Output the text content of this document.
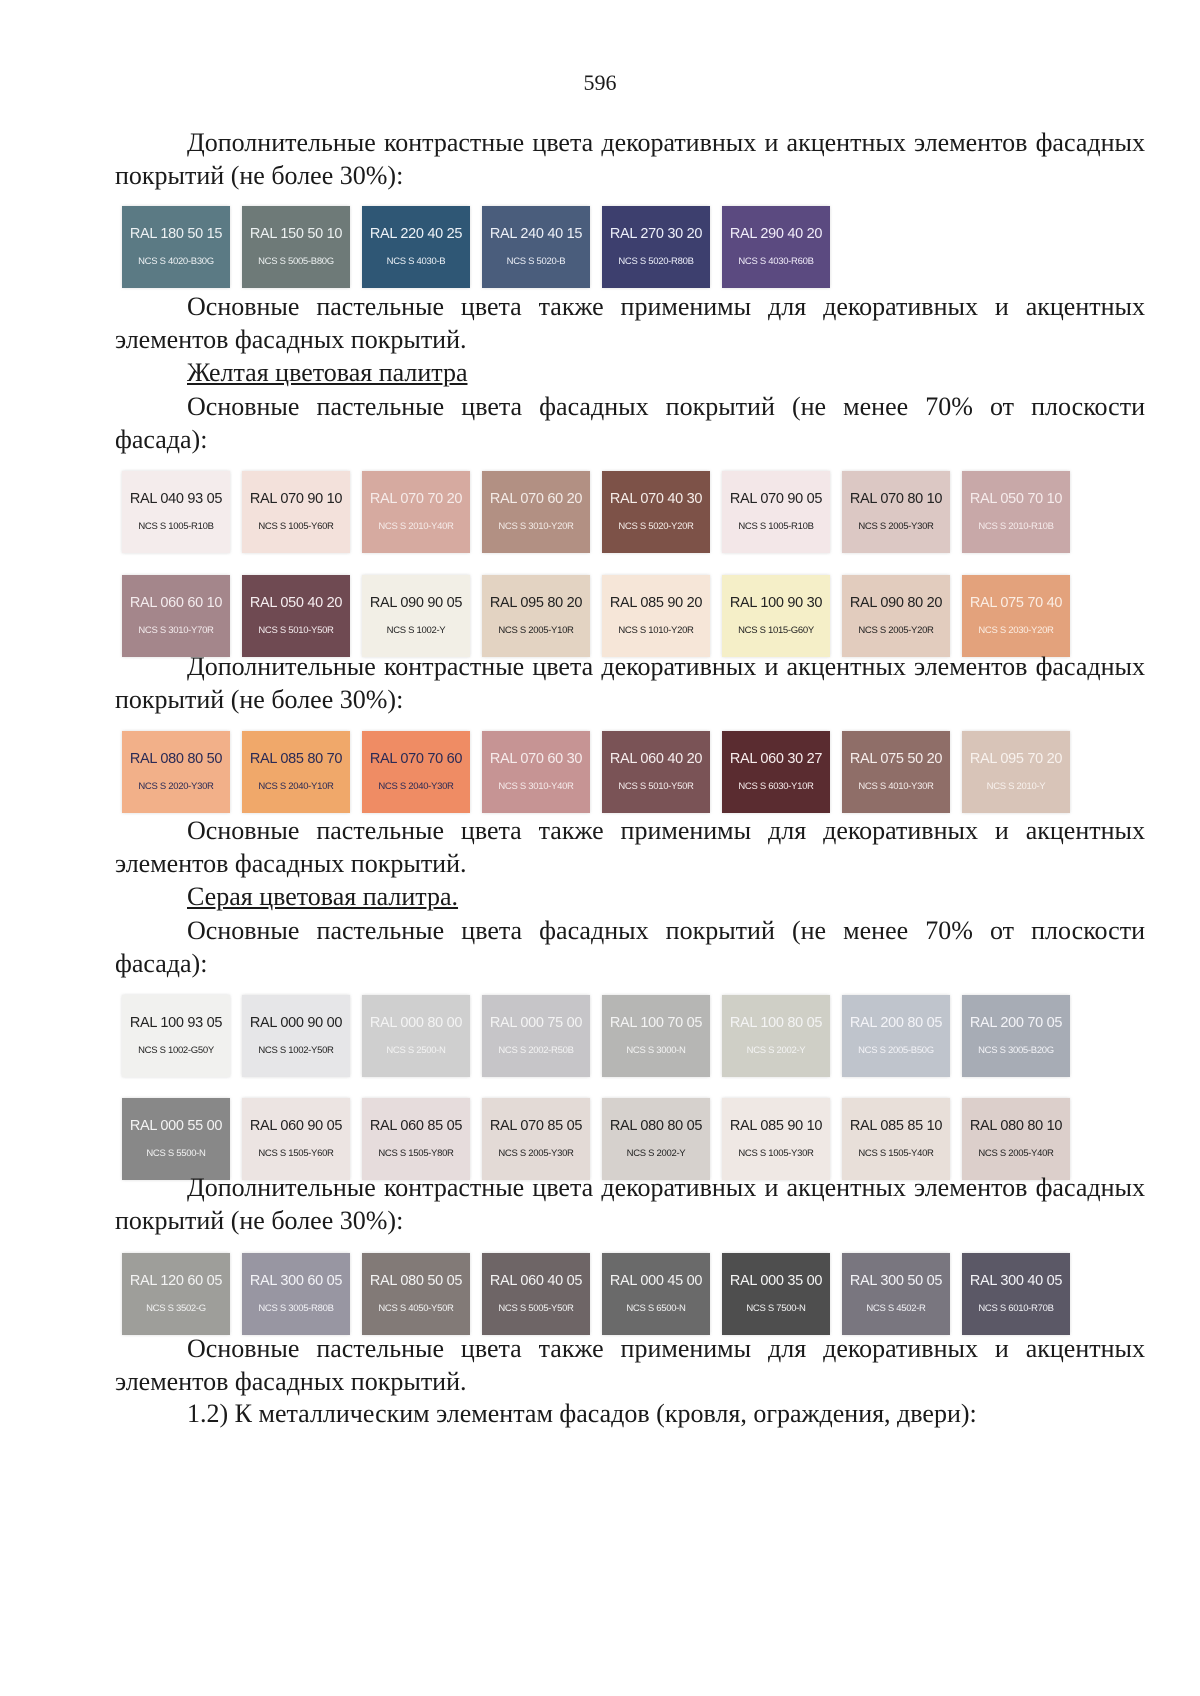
596
Дополнительные контрастные цвета декоративных и акцентных элементов фасадных покрытий (не более 30%):
RAL 180 50 15
NCS S 4020-B30G
RAL 150 50 10
NCS S 5005-B80G
RAL 220 40 25
NCS S 4030-B
RAL 240 40 15
NCS S 5020-B
RAL 270 30 20
NCS S 5020-R80B
RAL 290 40 20
NCS S 4030-R60B
Основные пастельные цвета также применимы для декоративных и акцентных элементов фасадных покрытий.
Желтая цветовая палитра
Основные пастельные цвета фасадных покрытий (не менее 70% от плоскости фасада):
RAL 040 93 05
NCS S 1005-R10B
RAL 070 90 10
NCS S 1005-Y60R
RAL 070 70 20
NCS S 2010-Y40R
RAL 070 60 20
NCS S 3010-Y20R
RAL 070 40 30
NCS S 5020-Y20R
RAL 070 90 05
NCS S 1005-R10B
RAL 070 80 10
NCS S 2005-Y30R
RAL 050 70 10
NCS S 2010-R10B
RAL 060 60 10
NCS S 3010-Y70R
RAL 050 40 20
NCS S 5010-Y50R
RAL 090 90 05
NCS S 1002-Y
RAL 095 80 20
NCS S 2005-Y10R
RAL 085 90 20
NCS S 1010-Y20R
RAL 100 90 30
NCS S 1015-G60Y
RAL 090 80 20
NCS S 2005-Y20R
RAL 075 70 40
NCS S 2030-Y20R
Дополнительные контрастные цвета декоративных и акцентных элементов фасадных покрытий (не более 30%):
RAL 080 80 50
NCS S 2020-Y30R
RAL 085 80 70
NCS S 2040-Y10R
RAL 070 70 60
NCS S 2040-Y30R
RAL 070 60 30
NCS S 3010-Y40R
RAL 060 40 20
NCS S 5010-Y50R
RAL 060 30 27
NCS S 6030-Y10R
RAL 075 50 20
NCS S 4010-Y30R
RAL 095 70 20
NCS S 2010-Y
Основные пастельные цвета также применимы для декоративных и акцентных элементов фасадных покрытий.
Серая цветовая палитра.
Основные пастельные цвета фасадных покрытий (не менее 70% от плоскости фасада):
RAL 100 93 05
NCS S 1002-G50Y
RAL 000 90 00
NCS S 1002-Y50R
RAL 000 80 00
NCS S 2500-N
RAL 000 75 00
NCS S 2002-R50B
RAL 100 70 05
NCS S 3000-N
RAL 100 80 05
NCS S 2002-Y
RAL 200 80 05
NCS S 2005-B50G
RAL 200 70 05
NCS S 3005-B20G
RAL 000 55 00
NCS S 5500-N
RAL 060 90 05
NCS S 1505-Y60R
RAL 060 85 05
NCS S 1505-Y80R
RAL 070 85 05
NCS S 2005-Y30R
RAL 080 80 05
NCS S 2002-Y
RAL 085 90 10
NCS S 1005-Y30R
RAL 085 85 10
NCS S 1505-Y40R
RAL 080 80 10
NCS S 2005-Y40R
Дополнительные контрастные цвета декоративных и акцентных элементов фасадных покрытий (не более 30%):
RAL 120 60 05
NCS S 3502-G
RAL 300 60 05
NCS S 3005-R80B
RAL 080 50 05
NCS S 4050-Y50R
RAL 060 40 05
NCS S 5005-Y50R
RAL 000 45 00
NCS S 6500-N
RAL 000 35 00
NCS S 7500-N
RAL 300 50 05
NCS S 4502-R
RAL 300 40 05
NCS S 6010-R70B
Основные пастельные цвета также применимы для декоративных и акцентных элементов фасадных покрытий.
1.2) К металлическим элементам фасадов (кровля, ограждения, двери):
